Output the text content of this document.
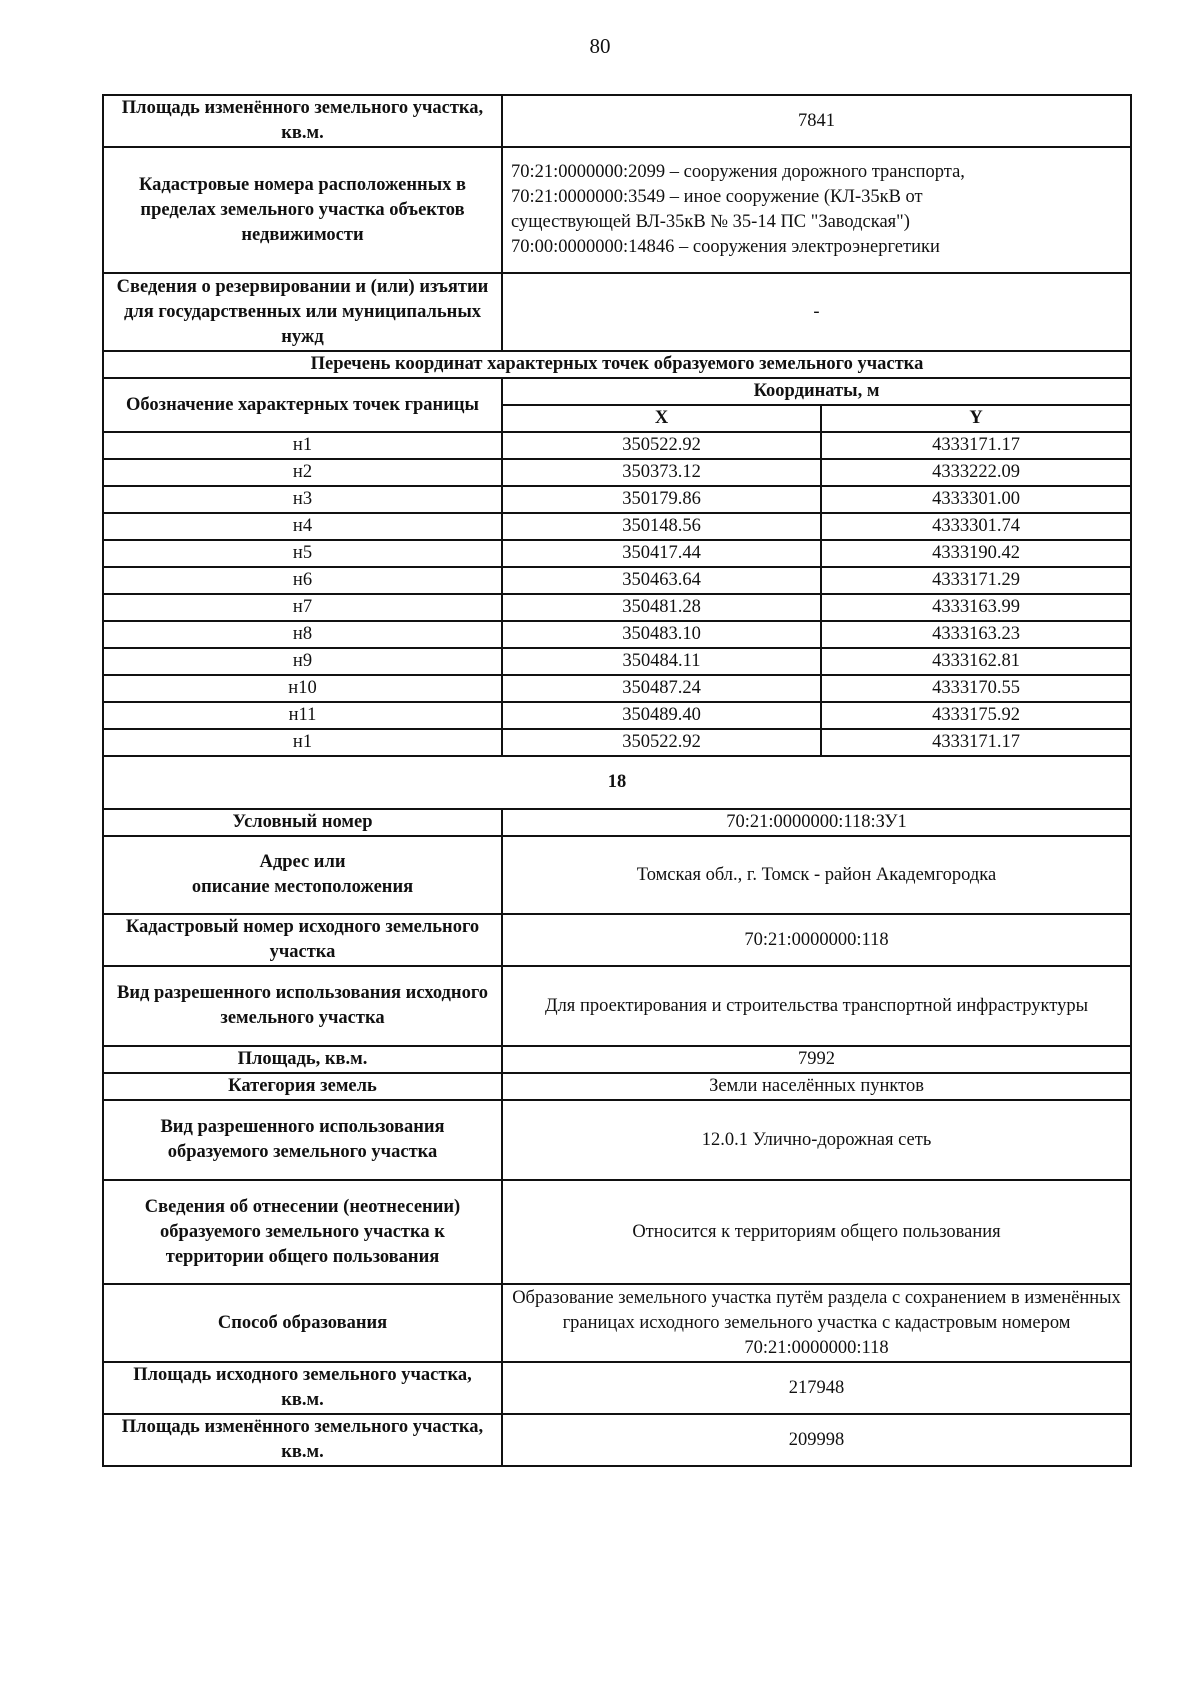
80
Площадь изменённого земельного участка, кв.м.	7841	
Кадастровые номера расположенных в пределах земельного участка объектов недвижимости	70:21:0000000:2099 – сооружения дорожного транспорта,
70:21:0000000:3549 – иное сооружение (КЛ-35кВ от
существующей ВЛ-35кВ № 35-14 ПС "Заводская")
70:00:0000000:14846 – сооружения электроэнергетики	

Сведения о резервировании и (или) изъятии для государственных или муниципальных нужд	-	
Перечень координат характерных точек образуемого земельного участка		
Обозначение характерных точек границы	Координаты, м	
	X	Y
н1	350522.92	4333171.17
н2	350373.12	4333222.09
н3	350179.86	4333301.00
н4	350148.56	4333301.74
н5	350417.44	4333190.42
н6	350463.64	4333171.29
н7	350481.28	4333163.99
н8	350483.10	4333163.23
н9	350484.11	4333162.81
н10	350487.24	4333170.55
н11	350489.40	4333175.92
н1	350522.92	4333171.17
18		
Условный номер	70:21:0000000:118:ЗУ1	

Адрес или
описание местоположения	Томская обл., г. Томск - район Академгородка	
Кадастровый номер исходного земельного участка	70:21:0000000:118	
Вид разрешенного использования исходного земельного участка	Для проектирования и строительства транспортной инфраструктуры	
Площадь, кв.м.	7992	
Категория земель	Земли населённых пунктов	
Вид разрешенного использования образуемого земельного участка	12.0.1 Улично-дорожная сеть	
Сведения об отнесении (неотнесении) образуемого земельного участка к территории общего пользования	Относится к территориям общего пользования	
Способ образования	Образование земельного участка путём раздела с сохранением в изменённых границах исходного земельного участка с кадастровым номером 70:21:0000000:118	
Площадь исходного земельного участка, кв.м.	217948	
Площадь изменённого земельного участка, кв.м.	209998	
